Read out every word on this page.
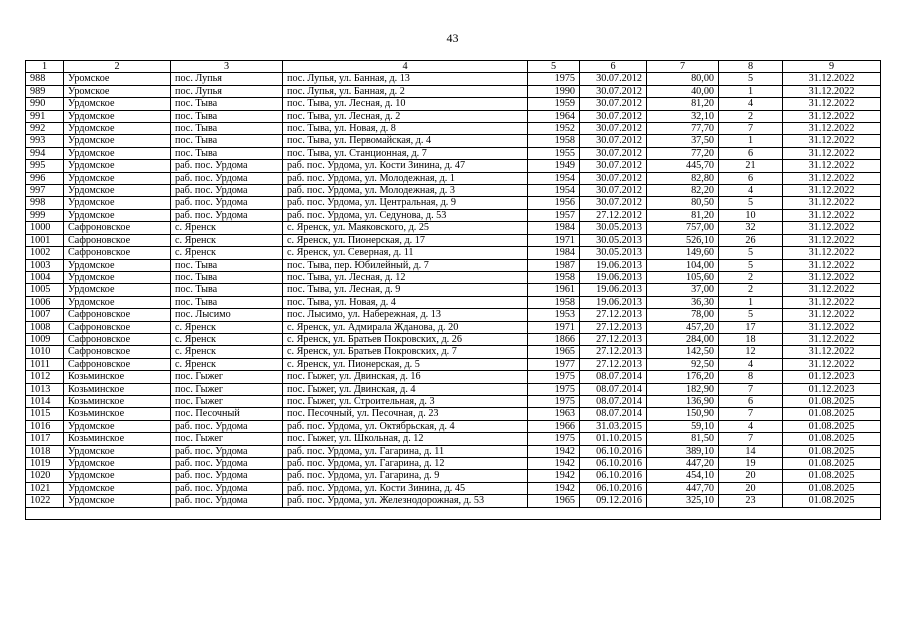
43
1	2	3	4	5	6	7	8	9
988	Уромское	пос. Лупья	пос. Лупья, ул. Банная, д. 13	1975	30.07.2012	80,00	5	31.12.2022
989	Уромское	пос. Лупья	пос. Лупья, ул. Банная, д. 2	1990	30.07.2012	40,00	1	31.12.2022
990	Урдомское	пос. Тыва	пос. Тыва, ул. Лесная, д. 10	1959	30.07.2012	81,20	4	31.12.2022
991	Урдомское	пос. Тыва	пос. Тыва, ул. Лесная, д. 2	1964	30.07.2012	32,10	2	31.12.2022
992	Урдомское	пос. Тыва	пос. Тыва, ул. Новая, д. 8	1952	30.07.2012	77,70	7	31.12.2022
993	Урдомское	пос. Тыва	пос. Тыва, ул. Первомайская, д. 4	1958	30.07.2012	37,50	1	31.12.2022
994	Урдомское	пос. Тыва	пос. Тыва, ул. Станционная, д. 7	1955	30.07.2012	77,20	6	31.12.2022
995	Урдомское	раб. пос. Урдома	раб. пос. Урдома, ул. Кости Зинина, д. 47	1949	30.07.2012	445,70	21	31.12.2022
996	Урдомское	раб. пос. Урдома	раб. пос. Урдома, ул. Молодежная, д. 1	1954	30.07.2012	82,80	6	31.12.2022
997	Урдомское	раб. пос. Урдома	раб. пос. Урдома, ул. Молодежная, д. 3	1954	30.07.2012	82,20	4	31.12.2022
998	Урдомское	раб. пос. Урдома	раб. пос. Урдома, ул. Центральная, д. 9	1956	30.07.2012	80,50	5	31.12.2022
999	Урдомское	раб. пос. Урдома	раб. пос. Урдома, ул. Седунова, д. 53	1957	27.12.2012	81,20	10	31.12.2022
1000	Сафроновское	с. Яренск	с. Яренск, ул. Маяковского, д. 25	1984	30.05.2013	757,00	32	31.12.2022
1001	Сафроновское	с. Яренск	с. Яренск, ул. Пионерская, д. 17	1971	30.05.2013	526,10	26	31.12.2022
1002	Сафроновское	с. Яренск	с. Яренск, ул. Северная, д. 11	1984	30.05.2013	149,60	5	31.12.2022
1003	Урдомское	пос. Тыва	пос. Тыва, пер. Юбилейный, д. 7	1987	19.06.2013	104,00	5	31.12.2022
1004	Урдомское	пос. Тыва	пос. Тыва, ул. Лесная, д. 12	1958	19.06.2013	105,60	2	31.12.2022
1005	Урдомское	пос. Тыва	пос. Тыва, ул. Лесная, д. 9	1961	19.06.2013	37,00	2	31.12.2022
1006	Урдомское	пос. Тыва	пос. Тыва, ул. Новая, д. 4	1958	19.06.2013	36,30	1	31.12.2022
1007	Сафроновское	пос. Лысимо	пос. Лысимо, ул. Набережная, д. 13	1953	27.12.2013	78,00	5	31.12.2022
1008	Сафроновское	с. Яренск	с. Яренск, ул. Адмирала Жданова, д. 20	1971	27.12.2013	457,20	17	31.12.2022
1009	Сафроновское	с. Яренск	с. Яренск, ул. Братьев Покровских, д. 26	1866	27.12.2013	284,00	18	31.12.2022
1010	Сафроновское	с. Яренск	с. Яренск, ул. Братьев Покровских, д. 7	1965	27.12.2013	142,50	12	31.12.2022
1011	Сафроновское	с. Яренск	с. Яренск, ул. Пионерская, д. 5	1977	27.12.2013	92,50	4	31.12.2022
1012	Козьминское	пос. Гыжег	пос. Гыжег, ул. Двинская, д. 16	1975	08.07.2014	176,20	8	01.12.2023
1013	Козьминское	пос. Гыжег	пос. Гыжег, ул. Двинская, д. 4	1975	08.07.2014	182,90	7	01.12.2023
1014	Козьминское	пос. Гыжег	пос. Гыжег, ул. Строительная, д. 3	1975	08.07.2014	136,90	6	01.08.2025
1015	Козьминское	пос. Песочный	пос. Песочный, ул. Песочная, д. 23	1963	08.07.2014	150,90	7	01.08.2025
1016	Урдомское	раб. пос. Урдома	раб. пос. Урдома, ул. Октябрьская, д. 4	1966	31.03.2015	59,10	4	01.08.2025
1017	Козьминское	пос. Гыжег	пос. Гыжег, ул. Школьная, д. 12	1975	01.10.2015	81,50	7	01.08.2025
1018	Урдомское	раб. пос. Урдома	раб. пос. Урдома, ул. Гагарина, д. 11	1942	06.10.2016	389,10	14	01.08.2025
1019	Урдомское	раб. пос. Урдома	раб. пос. Урдома, ул. Гагарина, д. 12	1942	06.10.2016	447,20	19	01.08.2025
1020	Урдомское	раб. пос. Урдома	раб. пос. Урдома, ул. Гагарина, д. 9	1942	06.10.2016	454,10	20	01.08.2025
1021	Урдомское	раб. пос. Урдома	раб. пос. Урдома, ул. Кости Зинина, д. 45	1942	06.10.2016	447,70	20	01.08.2025
1022	Урдомское	раб. пос. Урдома	раб. пос. Урдома, ул. Железнодорожная, д. 53	1965	09.12.2016	325,10	23	01.08.2025
